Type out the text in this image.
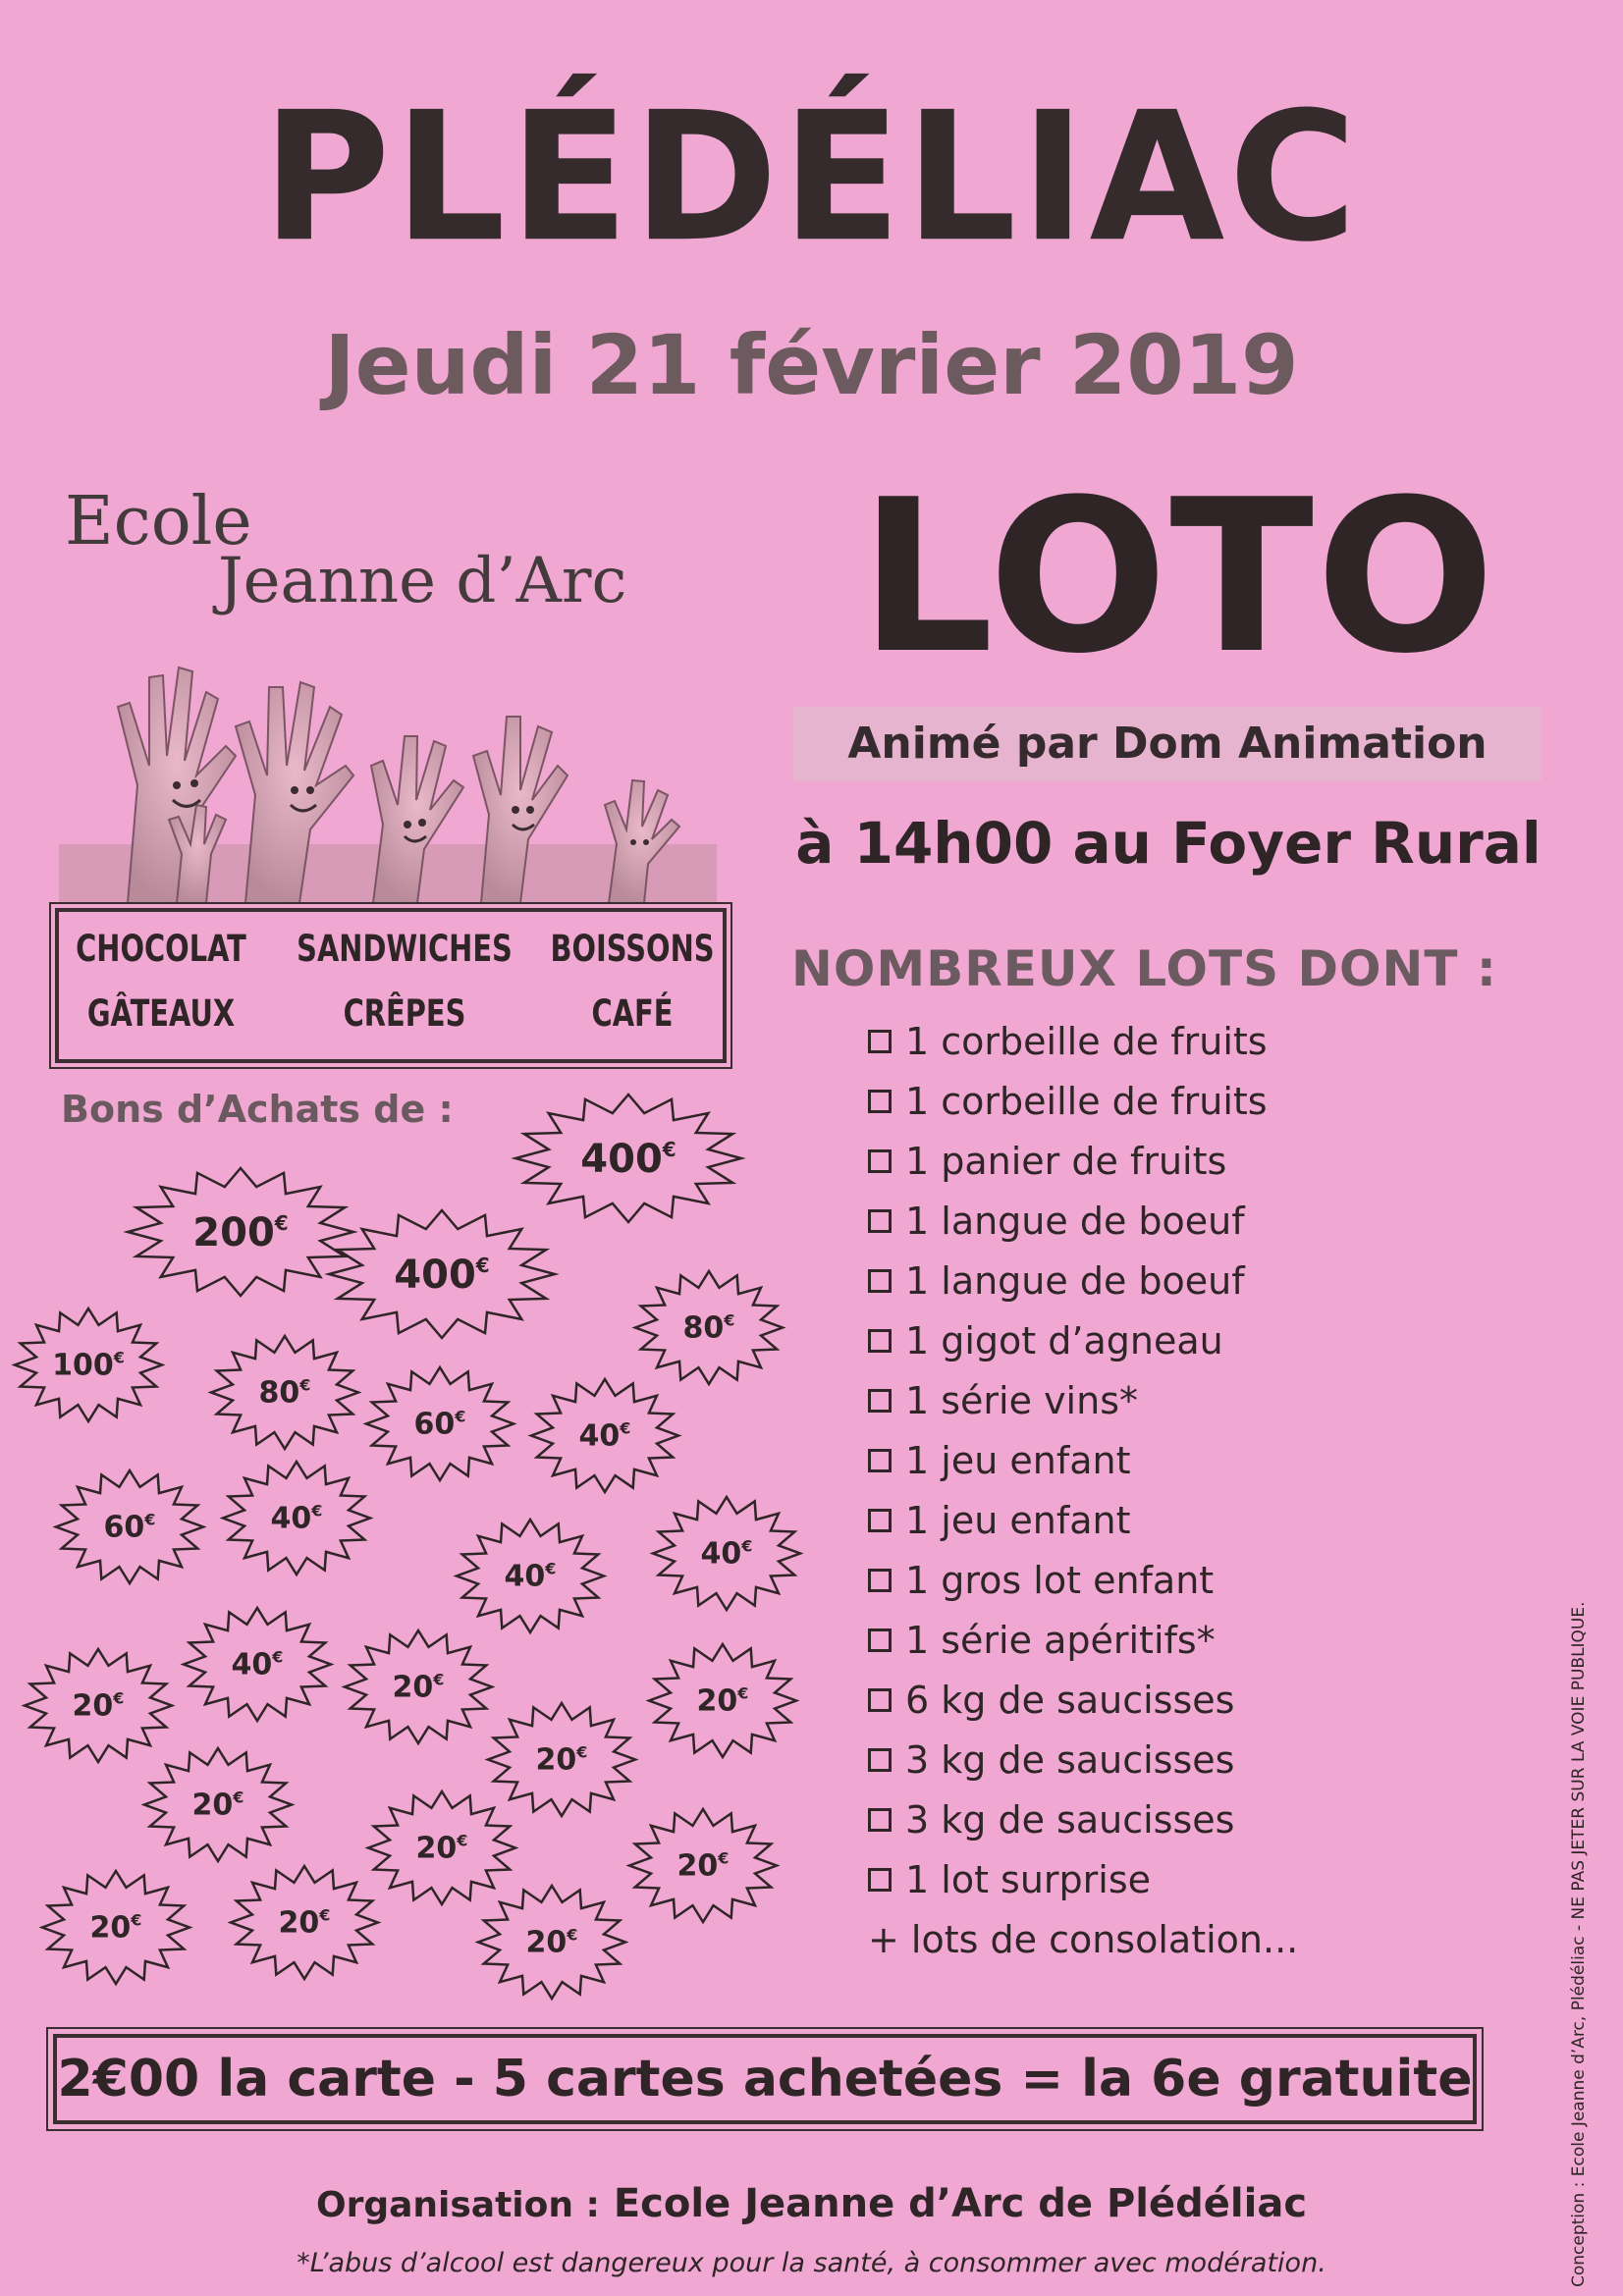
PLÉDÉLIAC
Jeudi 21 février 2019
Ecole
Jeanne d’Arc	LOTO
Animé par Dom Animation
à 14h00 au Foyer Rural
CHOCOLAT	SANDWICHES	BOISSONS
GÂTEAUX	CRÊPES	CAFÉ
Bons d’Achats de :
400€
200€
400€
80€
100€
80€
60€
40€
60€	40€
40€	40€
40€
20€	20€
20€
20€
20€
20€
20€
20€	20€
20€
NOMBREUX LOTS DONT :
1 corbeille de fruits
1 corbeille de fruits
1 panier de fruits
1 langue de boeuf
1 langue de boeuf
1 gigot d’agneau
1 série vins*
1 jeu enfant
1 jeu enfant
1 gros lot enfant
1 série apéritifs*
6 kg de saucisses
3 kg de saucisses
3 kg de saucisses
1 lot surprise
+ lots de consolation...
2€00 la carte - 5 cartes achetées = la 6e gratuite
Organisation : Ecole Jeanne d’Arc de Plédéliac
*L’abus d’alcool est dangereux pour la santé, à consommer avec modération.	Conception : Ecole Jeanne d’Arc, Plédéliac - NE PAS JETER SUR LA VOIE PUBLIQUE.
